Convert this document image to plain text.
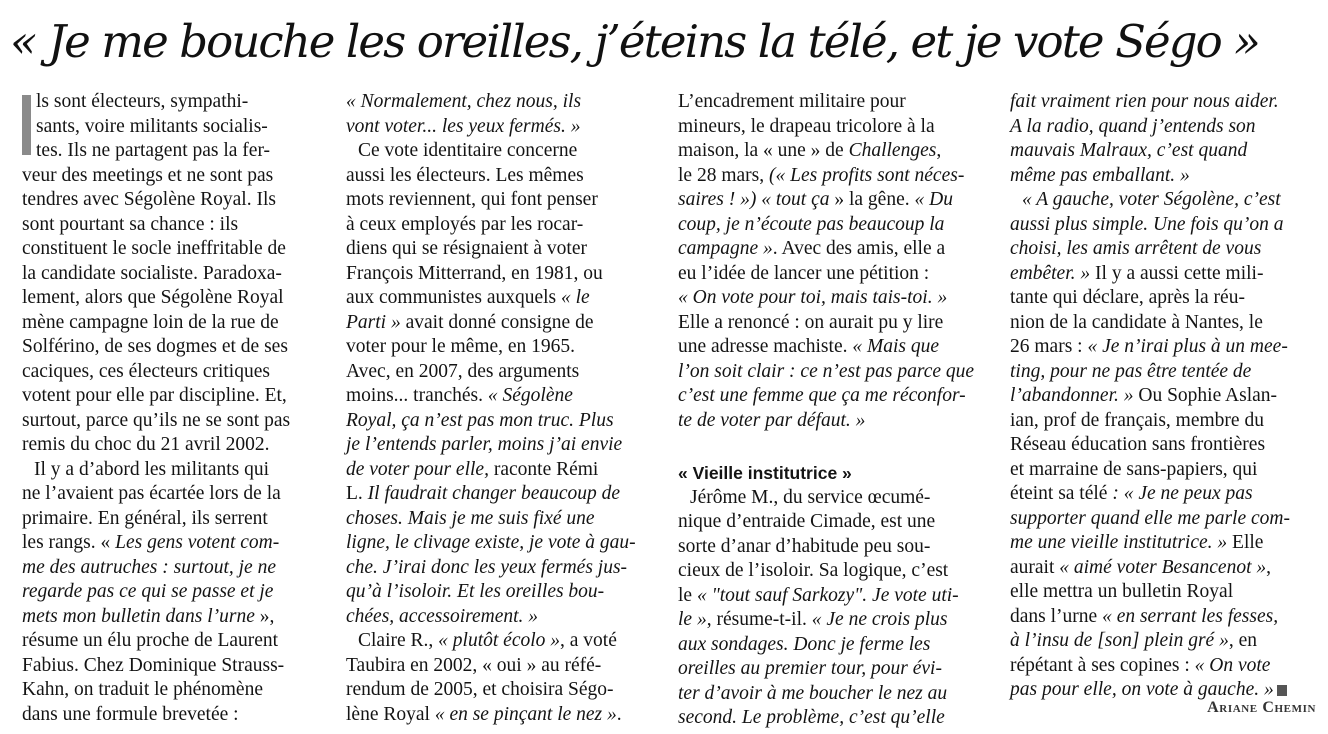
« Je me bouche les oreilles, j’éteins la télé, et je vote Ségo »
ls sont électeurs, sympathi-
sants, voire militants socialis-
tes. Ils ne partagent pas la fer-
veur des meetings et ne sont pas
tendres avec Ségolène Royal. Ils
sont pourtant sa chance : ils
constituent le socle ineffritable de
la candidate socialiste. Paradoxa-
lement, alors que Ségolène Royal
mène campagne loin de la rue de
Solférino, de ses dogmes et de ses
caciques, ces électeurs critiques
votent pour elle par discipline. Et,
surtout, parce qu’ils ne se sont pas
remis du choc du 21 avril 2002.
Il y a d’abord les militants qui
ne l’avaient pas écartée lors de la
primaire. En général, ils serrent
les rangs. « Les gens votent com-
me des autruches : surtout, je ne
regarde pas ce qui se passe et je
mets mon bulletin dans l’urne »,
résume un élu proche de Laurent
Fabius. Chez Dominique Strauss-
Kahn, on traduit le phénomène
dans une formule brevetée :
« Normalement, chez nous, ils
vont voter... les yeux fermés. »
Ce vote identitaire concerne
aussi les électeurs. Les mêmes
mots reviennent, qui font penser
à ceux employés par les rocar-
diens qui se résignaient à voter
François Mitterrand, en 1981, ou
aux communistes auxquels « le
Parti » avait donné consigne de
voter pour le même, en 1965.
Avec, en 2007, des arguments
moins... tranchés. « Ségolène
Royal, ça n’est pas mon truc. Plus
je l’entends parler, moins j’ai envie
de voter pour elle, raconte Rémi
L. Il faudrait changer beaucoup de
choses. Mais je me suis fixé une
ligne, le clivage existe, je vote à gau-
che. J’irai donc les yeux fermés jus-
qu’à l’isoloir. Et les oreilles bou-
chées, accessoirement. »
Claire R., « plutôt écolo », a voté
Taubira en 2002, « oui » au réfé-
rendum de 2005, et choisira Ségo-
lène Royal « en se pinçant le nez ».
L’encadrement militaire pour
mineurs, le drapeau tricolore à la
maison, la « une » de Challenges,
le 28 mars, (« Les profits sont néces-
saires ! ») « tout ça » la gêne. « Du
coup, je n’écoute pas beaucoup la
campagne ». Avec des amis, elle a
eu l’idée de lancer une pétition :
« On vote pour toi, mais tais-toi. »
Elle a renoncé : on aurait pu y lire
une adresse machiste. « Mais que
l’on soit clair : ce n’est pas parce que
c’est une femme que ça me réconfor-
te de voter par défaut. »
« Vieille institutrice »
Jérôme M., du service œcumé-
nique d’entraide Cimade, est une
sorte d’anar d’habitude peu sou-
cieux de l’isoloir. Sa logique, c’est
le « "tout sauf Sarkozy". Je vote uti-
le », résume-t-il. « Je ne crois plus
aux sondages. Donc je ferme les
oreilles au premier tour, pour évi-
ter d’avoir à me boucher le nez au
second. Le problème, c’est qu’elle
fait vraiment rien pour nous aider.
A la radio, quand j’entends son
mauvais Malraux, c’est quand
même pas emballant. »
« A gauche, voter Ségolène, c’est
aussi plus simple. Une fois qu’on a
choisi, les amis arrêtent de vous
embêter. » Il y a aussi cette mili-
tante qui déclare, après la réu-
nion de la candidate à Nantes, le
26 mars : « Je n’irai plus à un mee-
ting, pour ne pas être tentée de
l’abandonner. » Ou Sophie Aslan-
ian, prof de français, membre du
Réseau éducation sans frontières
et marraine de sans-papiers, qui
éteint sa télé : « Je ne peux pas
supporter quand elle me parle com-
me une vieille institutrice. » Elle
aurait « aimé voter Besancenot »,
elle mettra un bulletin Royal
dans l’urne « en serrant les fesses,
à l’insu de [son] plein gré », en
répétant à ses copines : « On vote
pas pour elle, on vote à gauche. »
Ariane Chemin
